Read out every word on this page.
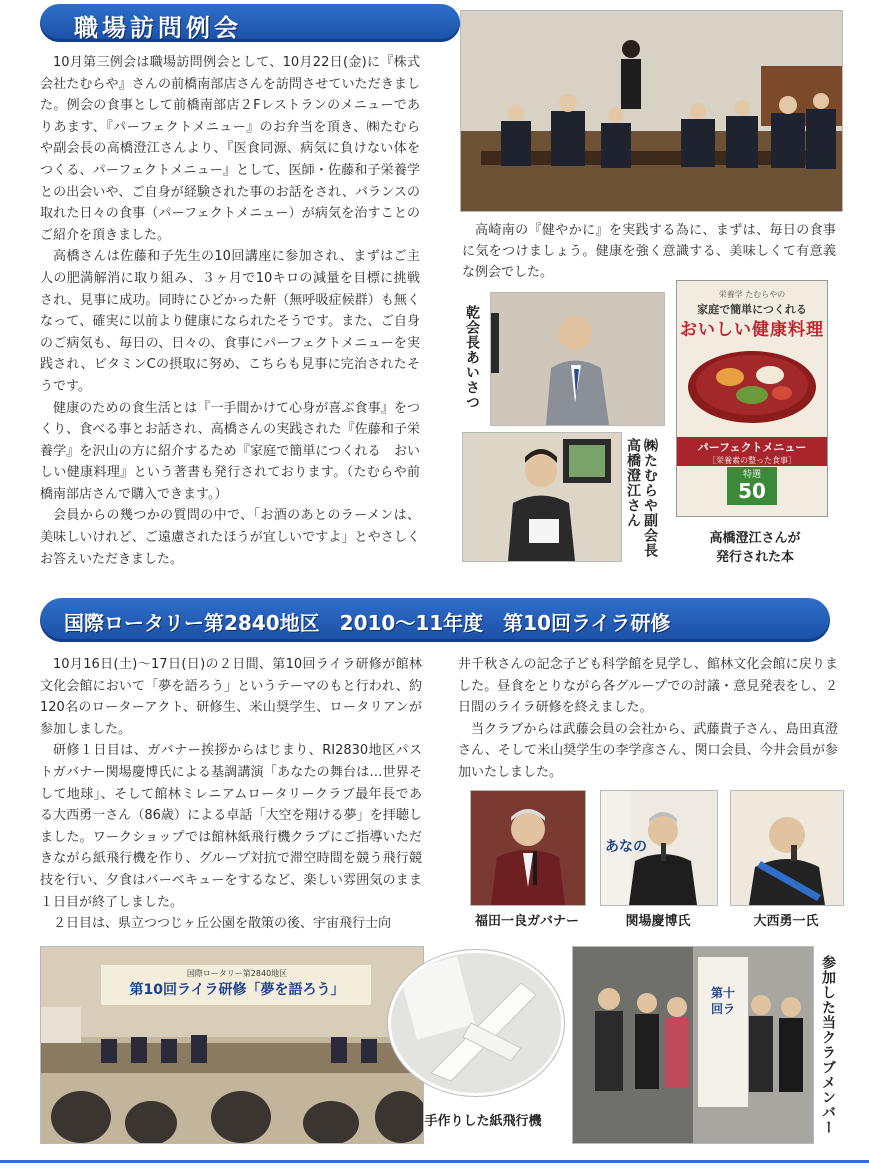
職場訪問例会

10月第三例会は職場訪問例会として、10月22日(金)に『株式会社たむらや』さんの前橋南部店さんを訪問させていただきました。例会の食事として前橋南部店２Fレストランのメニューでありあます、『パーフェクトメニュー』のお弁当を頂き、㈱たむらや副会長の高橋澄江さんより、『医食同源、病気に負けない体をつくる、パーフェクトメニュー』として、医師・佐藤和子栄養学との出会いや、ご自身が経験された事のお話をされ、バランスの取れた日々の食事（パーフェクトメニュー）が病気を治すことのご紹介を頂きました。

高橋さんは佐藤和子先生の10回講座に参加され、まずはご主人の肥満解消に取り組み、３ヶ月で10キロの減量を目標に挑戦され、見事に成功。同時にひどかった鼾（無呼吸症候群）も無くなって、確実に以前より健康になられたそうです。また、ご自身のご病気も、毎日の、日々の、食事にパーフェクトメニューを実践され、ビタミンCの摂取に努め、こちらも見事に完治されたそうです。

健康のための食生活とは『一手間かけて心身が喜ぶ食事』をつくり、食べる事とお話され、高橋さんの実践された『佐藤和子栄養学』を沢山の方に紹介するため『家庭で簡単につくれる　おいしい健康料理』という著書も発行されております。（たむらや前橋南部店さんで購入できます。）

会員からの幾つかの質問の中で、「お酒のあとのラーメンは、美味しいけれど、ご遠慮されたほうが宜しいですよ」とやさしくお答えいただきました。

高崎南の『健やかに』を実践する為に、まずは、毎日の食事に気をつけましょう。健康を強く意識する、美味しくて有意義な例会でした。
乾会長あいさつ
㈱たむらや副会長　高橋澄江さん
栄養学 たむらやの
家庭で簡単につくれる
おいしい健康料理
パーフェクトメニュー
［栄養素の整った食事］
特選
50
高橋澄江さんが
発行された本
国際ロータリー第2840地区　2010〜11年度　第10回ライラ研修

10月16日(土)〜17日(日)の２日間、第10回ライラ研修が館林文化会館において「夢を語ろう」というテーマのもと行われ、約120名のローターアクト、研修生、米山奨学生、ロータリアンが参加しました。

研修１日目は、ガバナー挨拶からはじまり、RI2830地区パストガバナー関場慶博氏による基調講演「あなたの舞台は…世界そして地球」、そして館林ミレニアムロータリークラブ最年長である大西勇一さん（86歳）による卓話「大空を翔ける夢」を拝聴しました。ワークショップでは館林紙飛行機クラブにご指導いただきながら紙飛行機を作り、グループ対抗で滞空時間を競う飛行競技を行い、夕食はバーベキューをするなど、楽しい雰囲気のまま１日目が終了しました。

２日目は、県立つつじヶ丘公園を散策の後、宇宙飛行士向

井千秋さんの記念子ども科学館を見学し、館林文化会館に戻りました。昼食をとりながら各グループでの討議・意見発表をし、２日間のライラ研修を終えました。

当クラブからは武藤会員の会社から、武藤貴子さん、島田真澄さん、そして米山奨学生の李学彦さん、関口会員、今井会員が参加いたしました。

あなの
福田一良ガバナー	関場慶博氏	大西勇一氏
国際ロータリー第2840地区
第10回ライラ研修「夢を語ろう」
手作りした紙飛行機
第十
回ラ	参加した当クラブメンバー
